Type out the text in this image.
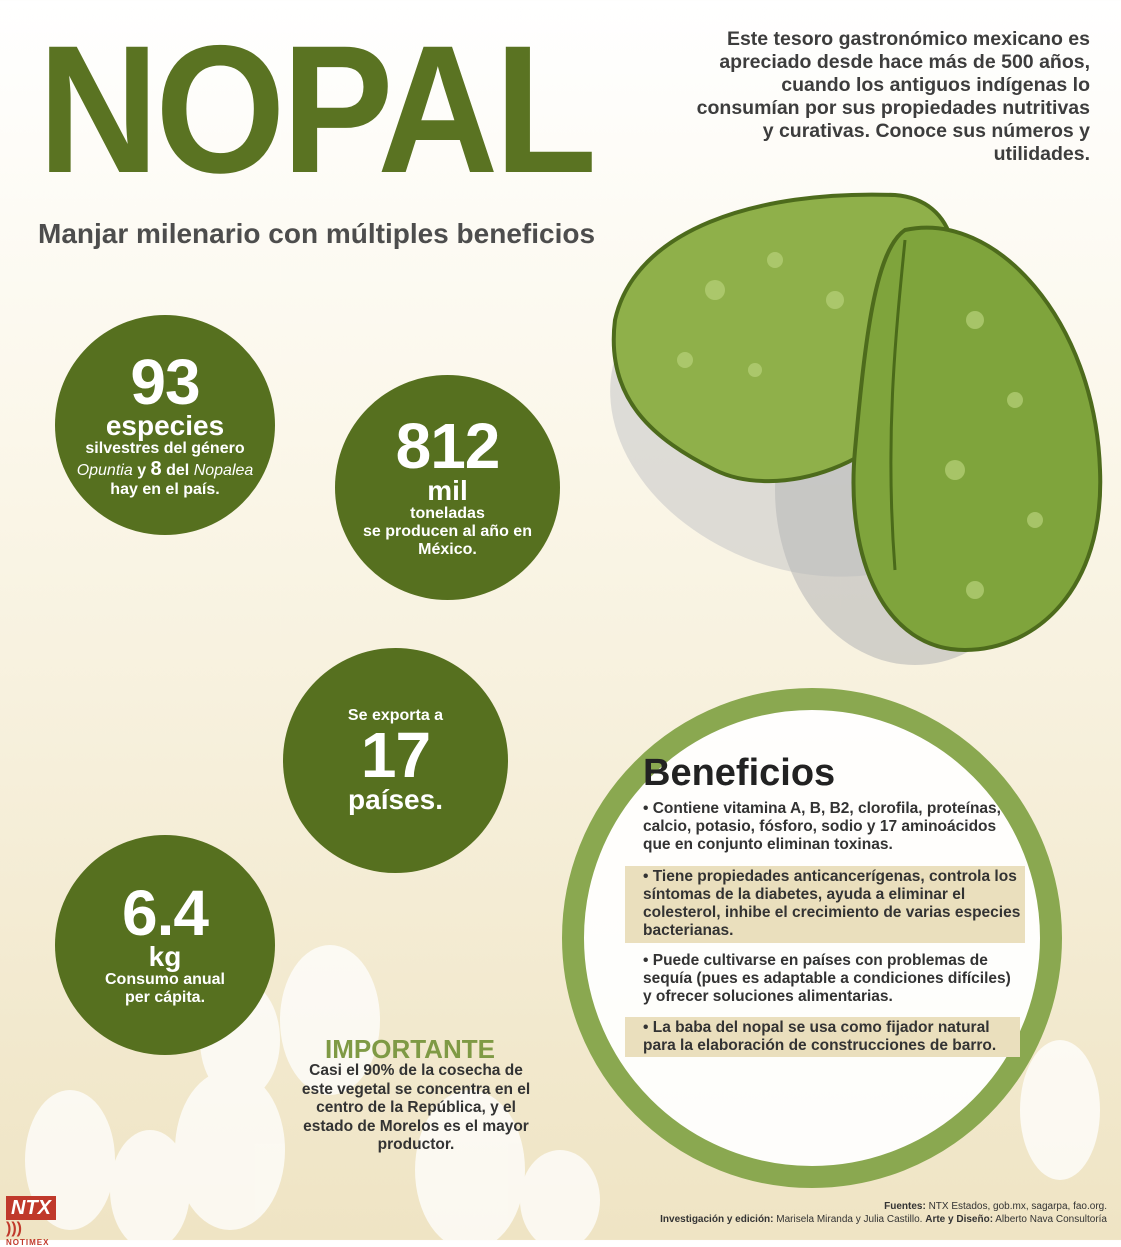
NOPAL
Manjar milenario con múltiples beneficios
Este tesoro gastronómico mexicano es apreciado desde hace más de 500 años, cuando los antiguos indígenas lo consumían por sus propiedades nutritivas y curativas. Conoce sus números y utilidades.
93
especies
silvestres del género
Opuntia y 8 del Nopalea
hay en el país.
812
mil
toneladas
se producen al año en
México.
Se exporta a
17
países.
6.4
kg
Consumo anual
per cápita.
Beneficios
• Contiene vitamina A, B, B2, clorofila, proteínas, calcio, potasio, fósforo, sodio y 17 aminoácidos que en conjunto eliminan toxinas.
• Tiene propiedades anticancerígenas, controla los síntomas de la diabetes, ayuda a eliminar el colesterol, inhibe el crecimiento de varias especies bacterianas.
• Puede cultivarse en países con problemas de sequía (pues es adaptable a condiciones difíciles) y ofrecer soluciones alimentarias.
• La baba del nopal se usa como fijador natural para la elaboración de construcciones de barro.
IMPORTANTE
Casi el 90% de la cosecha de este vegetal se concentra en el centro de la República, y el estado de Morelos es el mayor productor.
Fuentes: NTX Estados, gob.mx, sagarpa, fao.org.
Investigación y edición: Marisela Miranda y Julia Castillo. Arte y Diseño: Alberto Nava Consultoría
NTX )))
NOTIMEX
